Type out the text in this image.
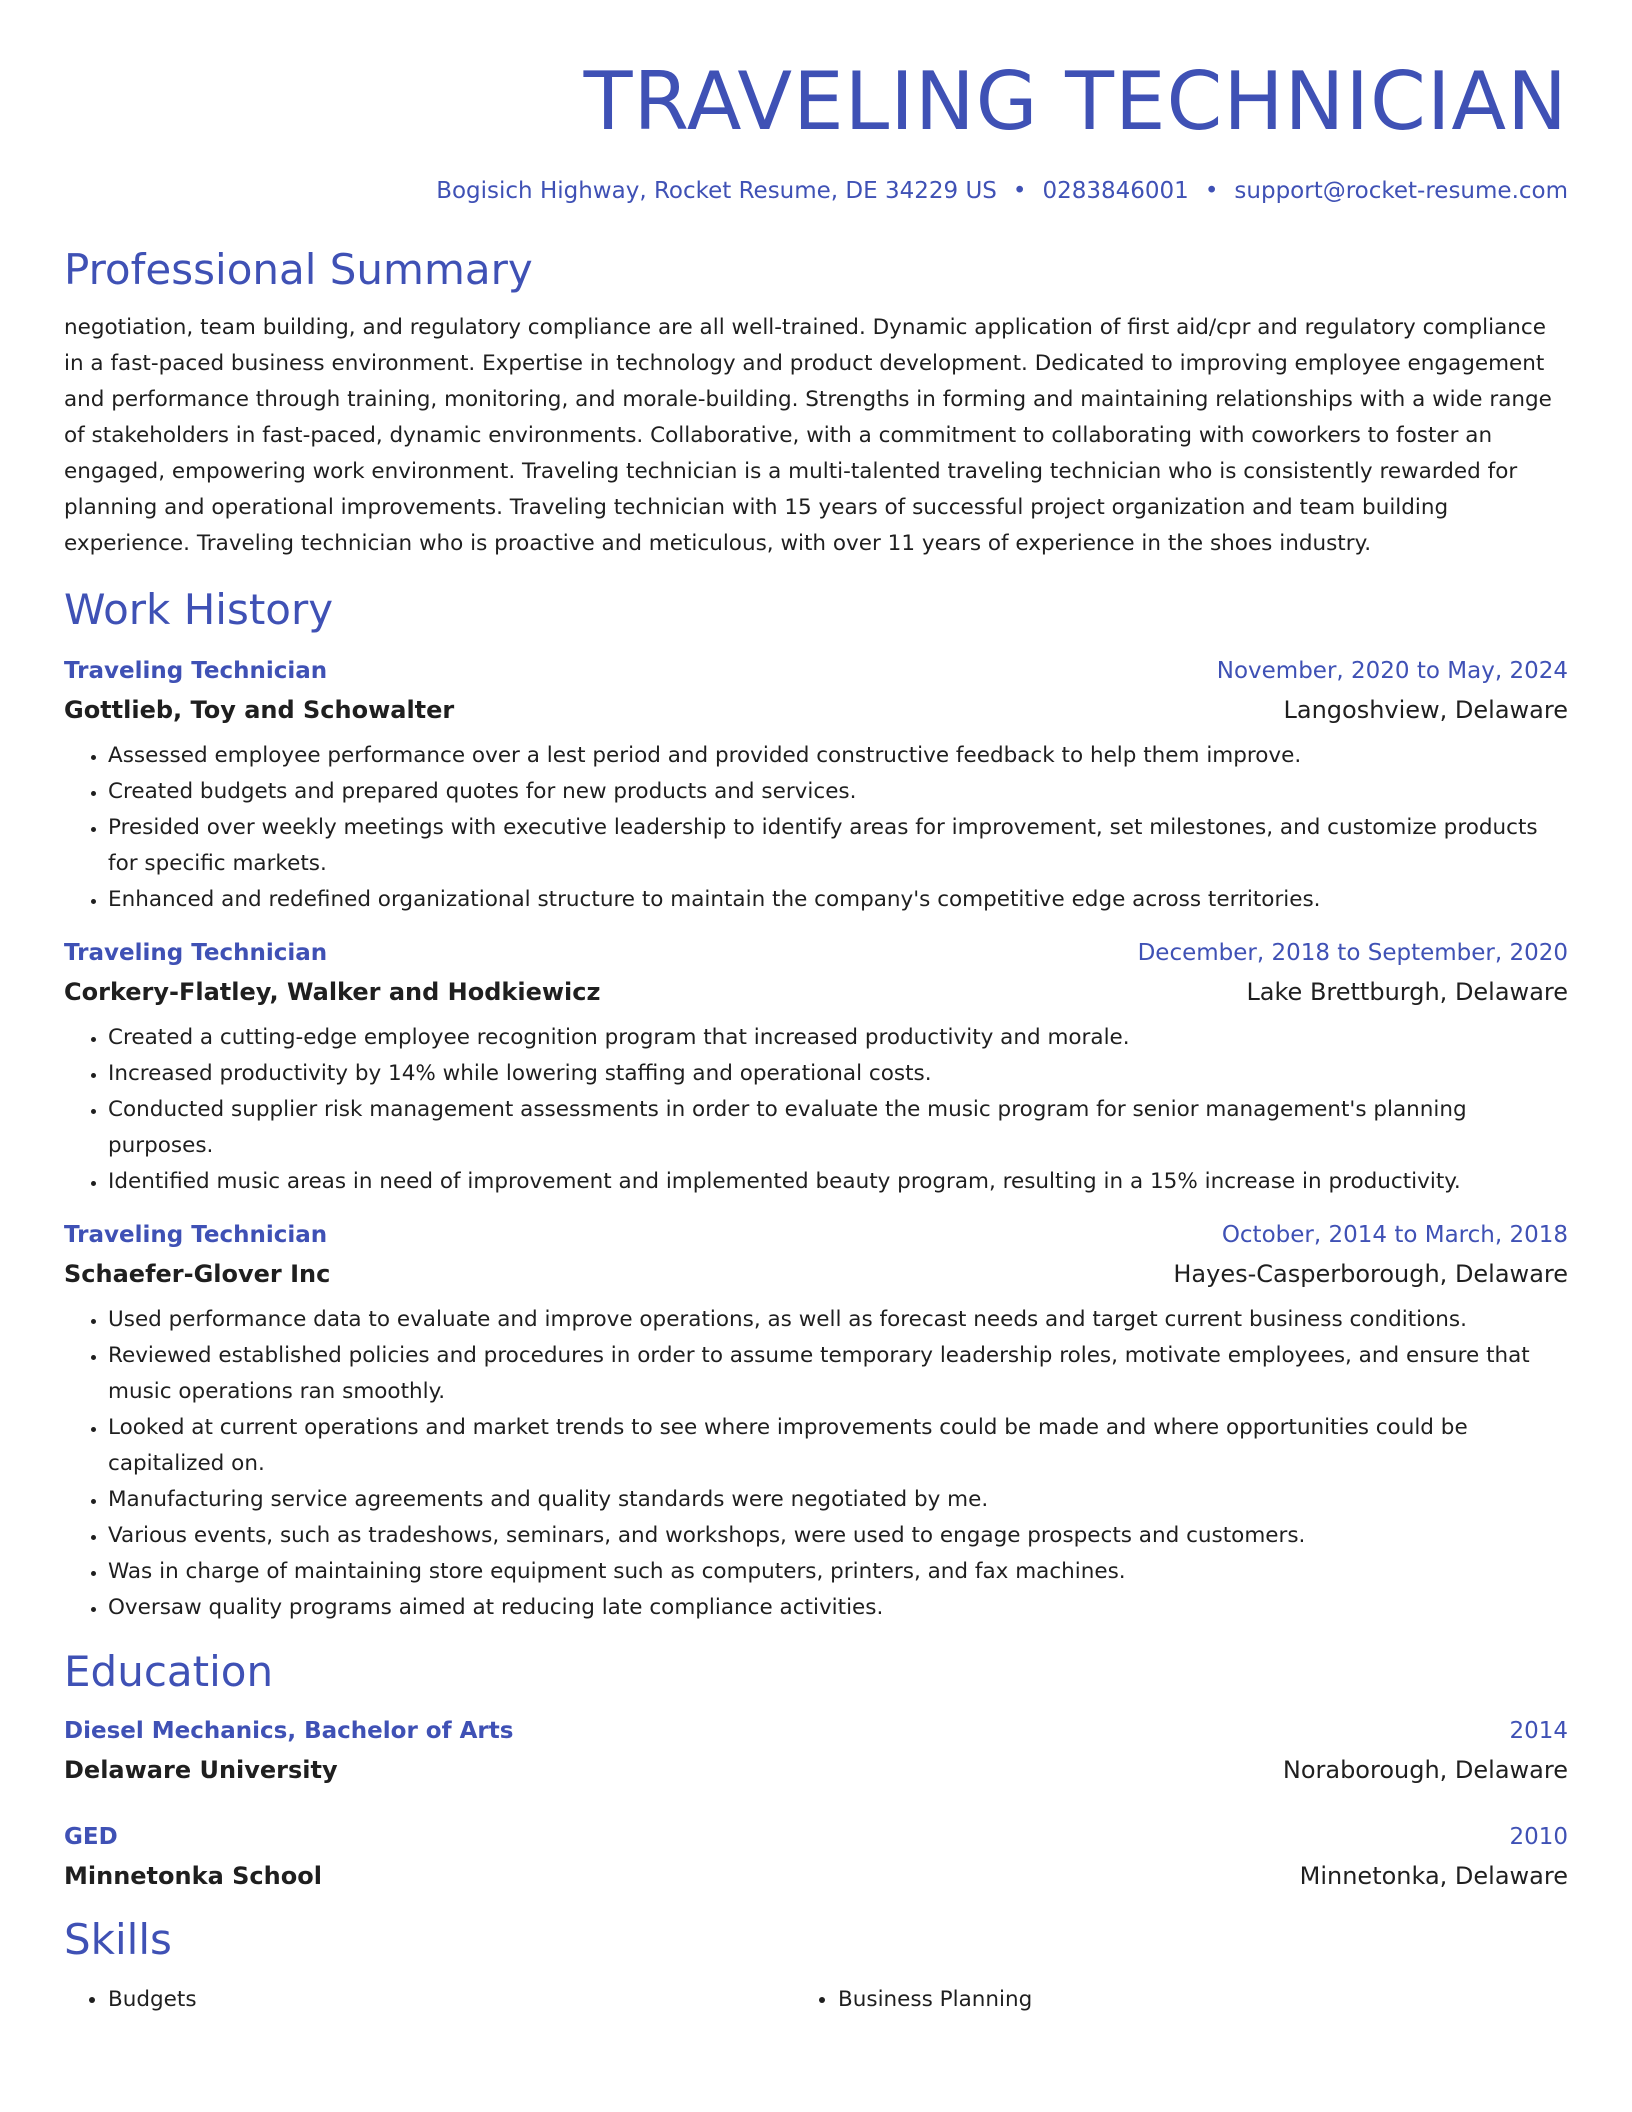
TRAVELING TECHNICIAN
Bogisich Highway, Rocket Resume, DE 34229 US • 0283846001 • support@rocket-resume.com
Professional Summary
negotiation, team building, and regulatory compliance are all well-trained. Dynamic application of first aid/cpr and regulatory compliance in a fast-paced business environment. Expertise in technology and product development. Dedicated to improving employee engagement and performance through training, monitoring, and morale-building. Strengths in forming and maintaining relationships with a wide range of stakeholders in fast-paced, dynamic environments. Collaborative, with a commitment to collaborating with coworkers to foster an engaged, empowering work environment. Traveling technician is a multi-talented traveling technician who is consistently rewarded for planning and operational improvements. Traveling technician with 15 years of successful project organization and team building experience. Traveling technician who is proactive and meticulous, with over 11 years of experience in the shoes industry.
Work History
Traveling Technician	November, 2020 to May, 2024
Gottlieb, Toy and Schowalter	Langoshview, Delaware
• Assessed employee performance over a lest period and provided constructive feedback to help them improve.
• Created budgets and prepared quotes for new products and services.
• Presided over weekly meetings with executive leadership to identify areas for improvement, set milestones, and customize products for specific markets.
• Enhanced and redefined organizational structure to maintain the company's competitive edge across territories.
Traveling Technician	December, 2018 to September, 2020
Corkery-Flatley, Walker and Hodkiewicz	Lake Brettburgh, Delaware
• Created a cutting-edge employee recognition program that increased productivity and morale.
• Increased productivity by 14% while lowering staffing and operational costs.
• Conducted supplier risk management assessments in order to evaluate the music program for senior management's planning purposes.
• Identified music areas in need of improvement and implemented beauty program, resulting in a 15% increase in productivity.
Traveling Technician	October, 2014 to March, 2018
Schaefer-Glover Inc	Hayes-Casperborough, Delaware
• Used performance data to evaluate and improve operations, as well as forecast needs and target current business conditions.
• Reviewed established policies and procedures in order to assume temporary leadership roles, motivate employees, and ensure that music operations ran smoothly.
• Looked at current operations and market trends to see where improvements could be made and where opportunities could be capitalized on.
• Manufacturing service agreements and quality standards were negotiated by me.
• Various events, such as tradeshows, seminars, and workshops, were used to engage prospects and customers.
• Was in charge of maintaining store equipment such as computers, printers, and fax machines.
• Oversaw quality programs aimed at reducing late compliance activities.
Education
Diesel Mechanics, Bachelor of Arts	2014
Delaware University	Noraborough, Delaware
GED	2010
Minnetonka School	Minnetonka, Delaware
Skills
• Budgets
•	Business Planning
